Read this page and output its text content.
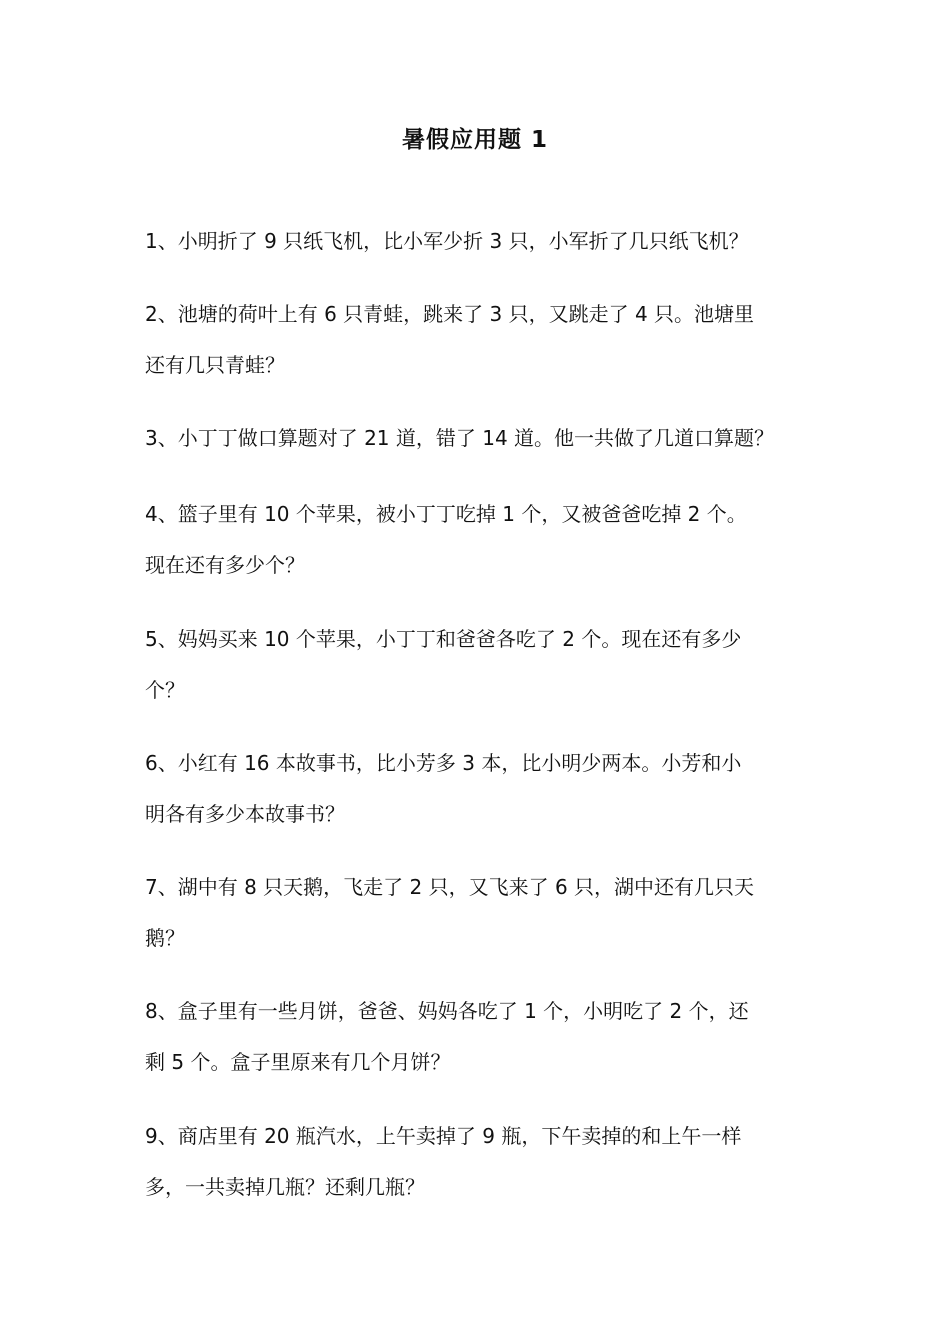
暑假应用题 1
1、小明折了 9 只纸飞机，比小军少折 3 只，小军折了几只纸飞机？
2、池塘的荷叶上有 6 只青蛙，跳来了 3 只，又跳走了 4 只。池塘里
还有几只青蛙？
3、小丁丁做口算题对了 21 道，错了 14 道。他一共做了几道口算题？
4、篮子里有 10 个苹果，被小丁丁吃掉 1 个，又被爸爸吃掉 2 个。
现在还有多少个？
5、妈妈买来 10 个苹果，小丁丁和爸爸各吃了 2 个。现在还有多少
个？
6、小红有 16 本故事书，比小芳多 3 本，比小明少两本。小芳和小
明各有多少本故事书？
7、湖中有 8 只天鹅，飞走了 2 只，又飞来了 6 只，湖中还有几只天
鹅？
8、盒子里有一些月饼，爸爸、妈妈各吃了 1 个，小明吃了 2 个，还
剩 5 个。盒子里原来有几个月饼？
9、商店里有 20 瓶汽水，上午卖掉了 9 瓶，下午卖掉的和上午一样
多，一共卖掉几瓶？还剩几瓶？
